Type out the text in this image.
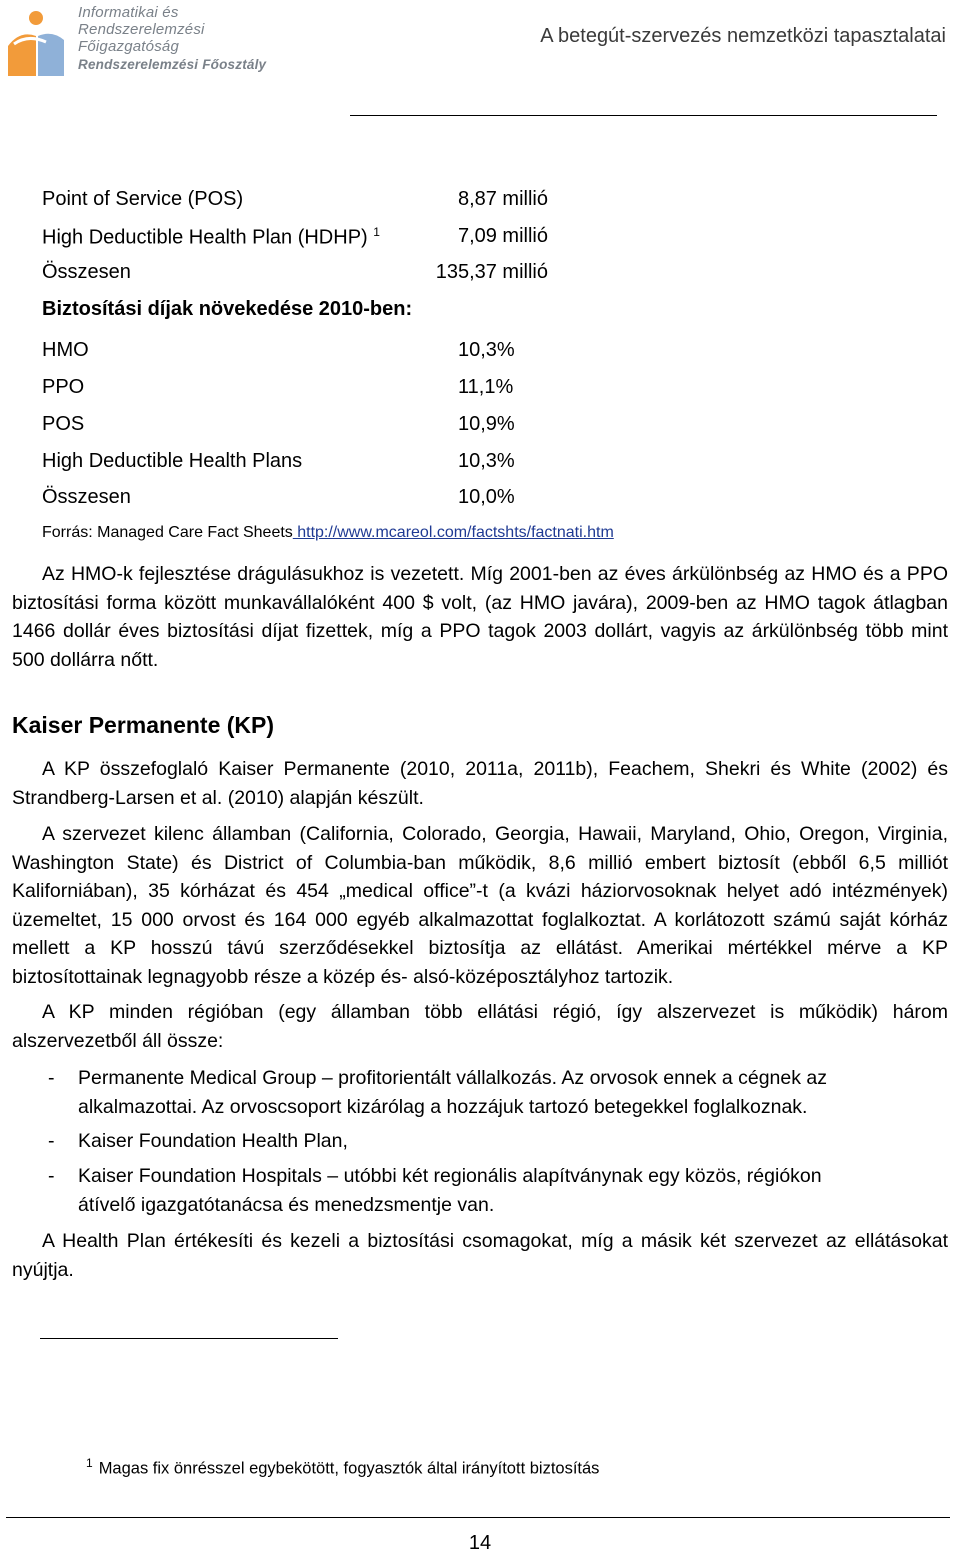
Informatikai és
Rendszerelemzési
Főigazgatóság
Rendszerelemzési Főosztály
A betegút-szervezés nemzetközi tapasztalatai
Point of Service (POS)	8,87 millió
High Deductible Health Plan (HDHP) $^1$	7,09 millió
Összesen	135,37 millió
Biztosítási díjak növekedése 2010-ben:
HMO	10,3%
PPO	11,1%
POS	10,9%
High Deductible Health Plans	10,3%
Összesen	10,0%
Forrás: Managed Care Fact Sheets http://www.mcareol.com/factshts/factnati.htm
Az HMO-k fejlesztése drágulásukhoz is vezetett. Míg 2001-ben az éves árkülönbség az HMO és a PPO biztosítási forma között munkavállalóként 400 $ volt, (az HMO javára), 2009-ben az HMO tagok átlagban 1466 dollár éves biztosítási díjat fizettek, míg a PPO tagok 2003 dollárt, vagyis az árkülönbség több mint 500 dollárra nőtt.
Kaiser Permanente (KP)
A KP összefoglaló Kaiser Permanente (2010, 2011a, 2011b), Feachem, Shekri és White (2002) és Strandberg-Larsen et al. (2010) alapján készült.
A szervezet kilenc államban (California, Colorado, Georgia, Hawaii, Maryland, Ohio, Oregon, Virginia, Washington State) és District of Columbia-ban működik, 8,6 millió embert biztosít (ebből 6,5 milliót Kaliforniában), 35 kórházat és 454 „medical office”-t (a kvázi háziorvosoknak helyet adó intézmények) üzemeltet, 15 000 orvost és 164 000 egyéb alkalmazottat foglalkoztat. A korlátozott számú saját kórház mellett a KP hosszú távú szerződésekkel biztosítja az ellátást. Amerikai mértékkel mérve a KP biztosítottainak legnagyobb része a közép és- alsó-középosztályhoz tartozik.
A KP minden régióban (egy államban több ellátási régió, így alszervezet is működik) három alszervezetből áll össze:
- Permanente Medical Group – profitorientált vállalkozás. Az orvosok ennek a cégnek az alkalmazottai. Az orvoscsoport kizárólag a hozzájuk tartozó betegekkel foglalkoznak.
- Kaiser Foundation Health Plan,
- Kaiser Foundation Hospitals – utóbbi két regionális alapítványnak egy közös, régiókon átívelő igazgatótanácsa és menedzsmentje van.
A Health Plan értékesíti és kezeli a biztosítási csomagokat, míg a másik két szervezet az ellátásokat nyújtja.
$^1$ Magas fix önrésszel egybekötött, fogyasztók által irányított biztosítás
14
